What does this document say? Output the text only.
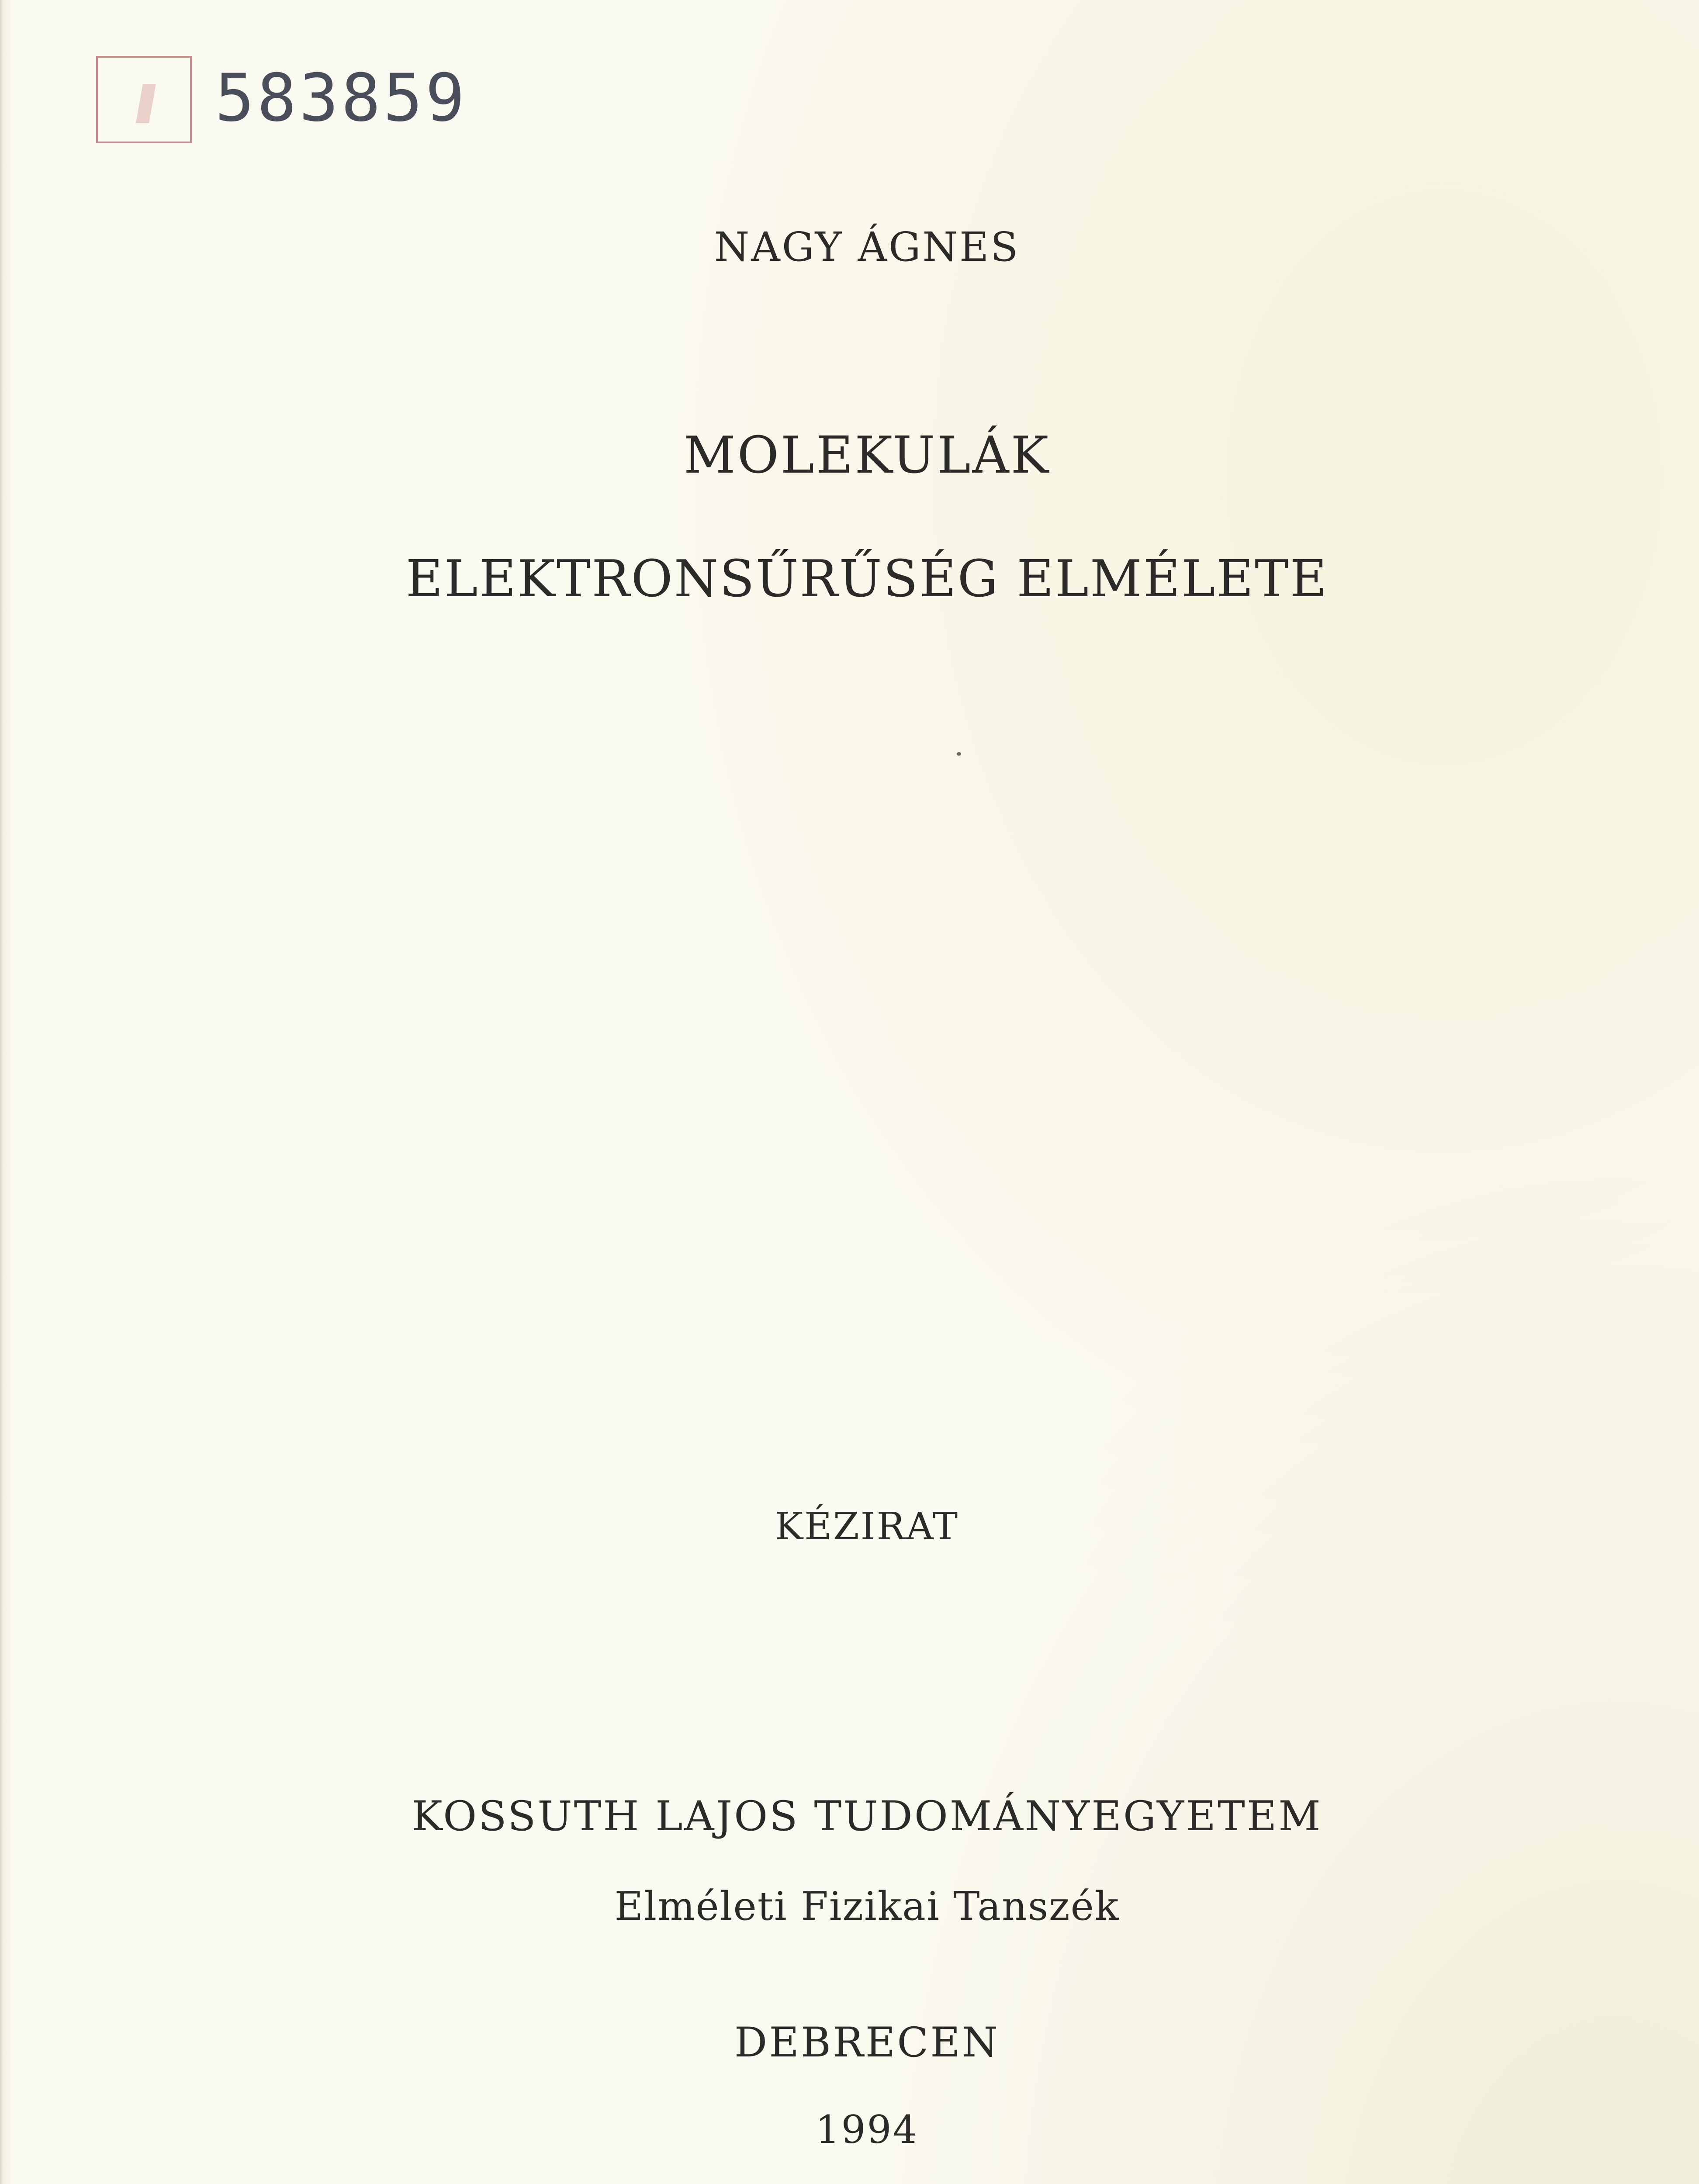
583859
NAGY ÁGNES
MOLEKULÁK
ELEKTRONSŰRŰSÉG ELMÉLETE
KÉZIRAT
KOSSUTH LAJOS TUDOMÁNYEGYETEM
Elméleti Fizikai Tanszék
DEBRECEN
1994
